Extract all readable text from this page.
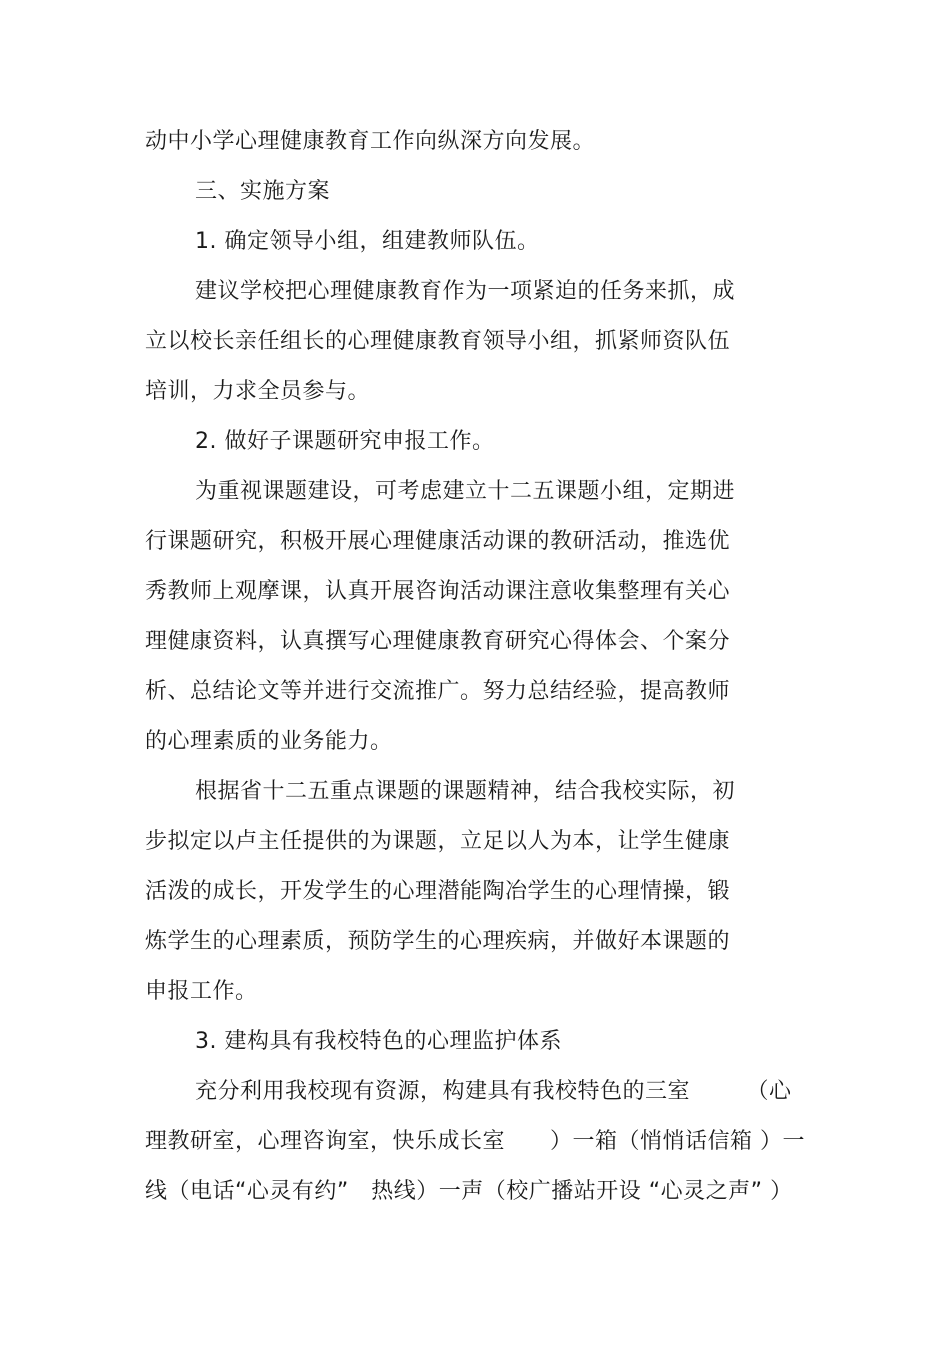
动中小学心理健康教育工作向纵深方向发展。
三、实施方案
1. 确定领导小组，组建教师队伍。
建议学校把心理健康教育作为一项紧迫的任务来抓，成
立以校长亲任组长的心理健康教育领导小组，抓紧师资队伍
培训，力求全员参与。
2. 做好子课题研究申报工作。
为重视课题建设，可考虑建立十二五课题小组，定期进
行课题研究，积极开展心理健康活动课的教研活动，推选优
秀教师上观摩课，认真开展咨询活动课注意收集整理有关心
理健康资料，认真撰写心理健康教育研究心得体会、个案分
析、总结论文等并进行交流推广。努力总结经验，提高教师
的心理素质的业务能力。
根据省十二五重点课题的课题精神，结合我校实际，初
步拟定以卢主任提供的为课题，立足以人为本，让学生健康
活泼的成长，开发学生的心理潜能陶冶学生的心理情操，锻
炼学生的心理素质，预防学生的心理疾病，并做好本课题的
申报工作。
3. 建构具有我校特色的心理监护体系
充分利用我校现有资源，构建具有我校特色的三室　　　（心
理教研室，心理咨询室，快乐成长室　　）一箱（悄悄话信箱 ）一
线（电话“心灵有约”　热线）一声（校广播站开设 “心灵之声” ）
